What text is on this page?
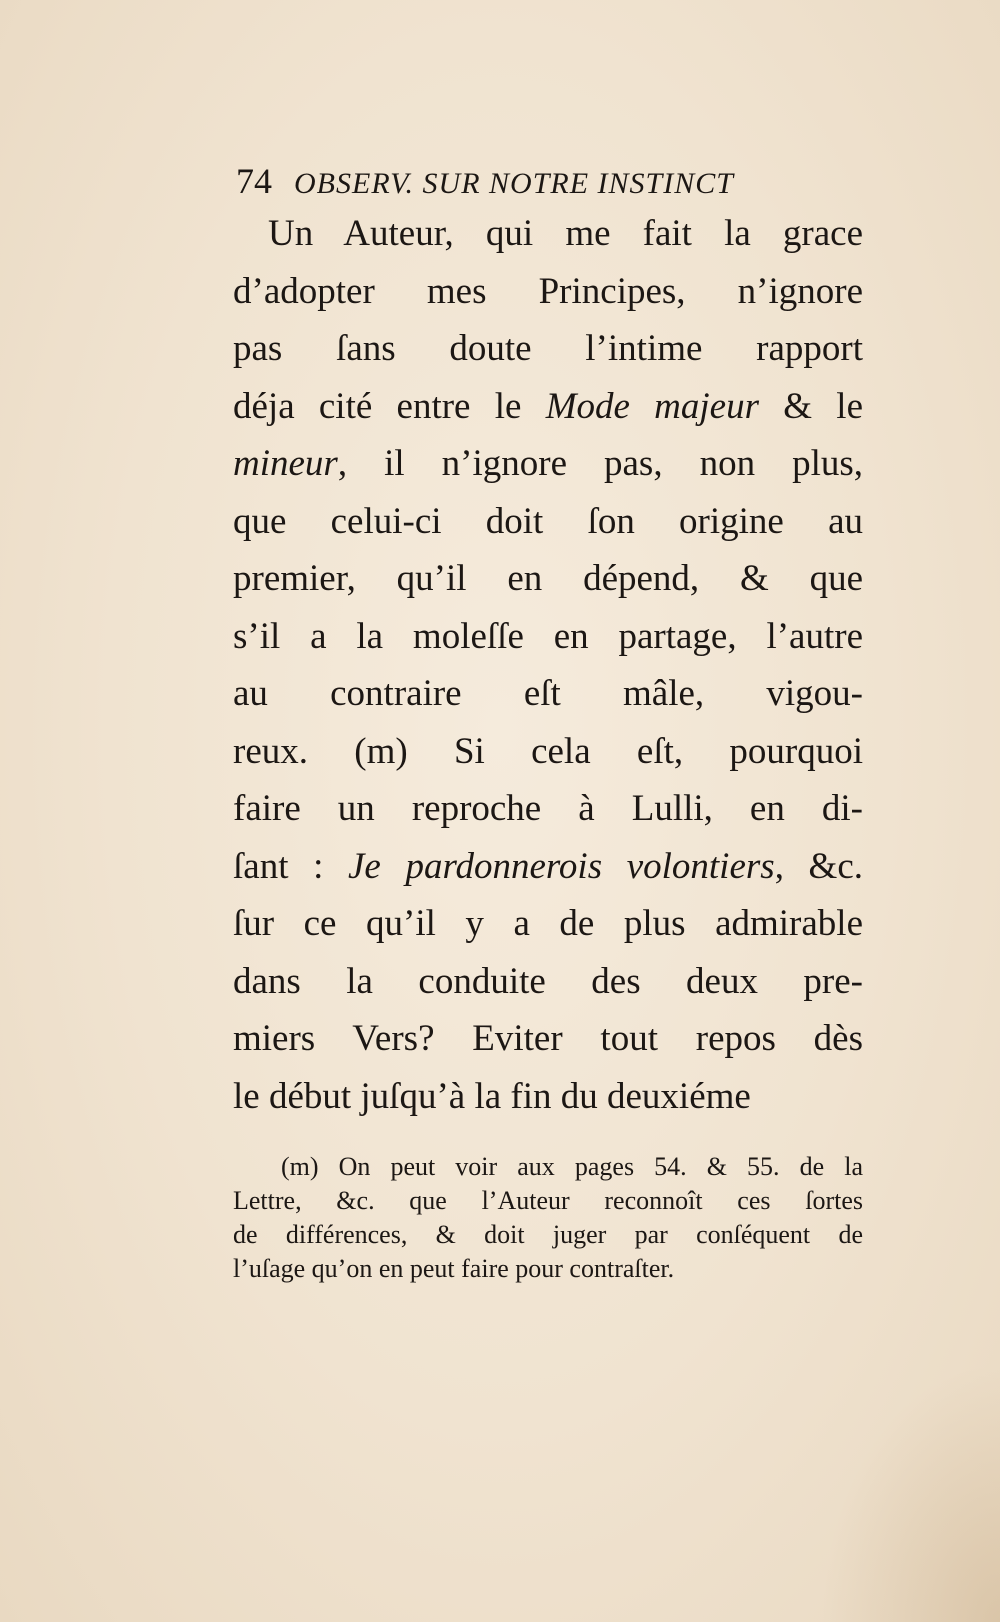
74 OBSERV. SUR NOTRE INSTINCT
Un Auteur, qui me fait la grace
d’adopter mes Principes, n’ignore
pas ſans doute l’intime rapport
déja cité entre le Mode majeur & le
mineur, il n’ignore pas, non plus,
que celui-ci doit ſon origine au
premier, qu’il en dépend, & que
s’il a la moleſſe en partage, l’autre
au contraire eſt mâle, vigou-
reux. (m) Si cela eſt, pourquoi
faire un reproche à Lulli, en di-
ſant : Je pardonnerois volontiers, &c.
ſur ce qu’il y a de plus admirable
dans la conduite des deux pre-
miers Vers? Eviter tout repos dès
le début juſqu’à la fin du deuxiéme
(m) On peut voir aux pages 54. & 55. de la
Lettre, &c. que l’Auteur reconnoît ces ſortes
de différences, & doit juger par conſéquent de
l’uſage qu’on en peut faire pour contraſter.
